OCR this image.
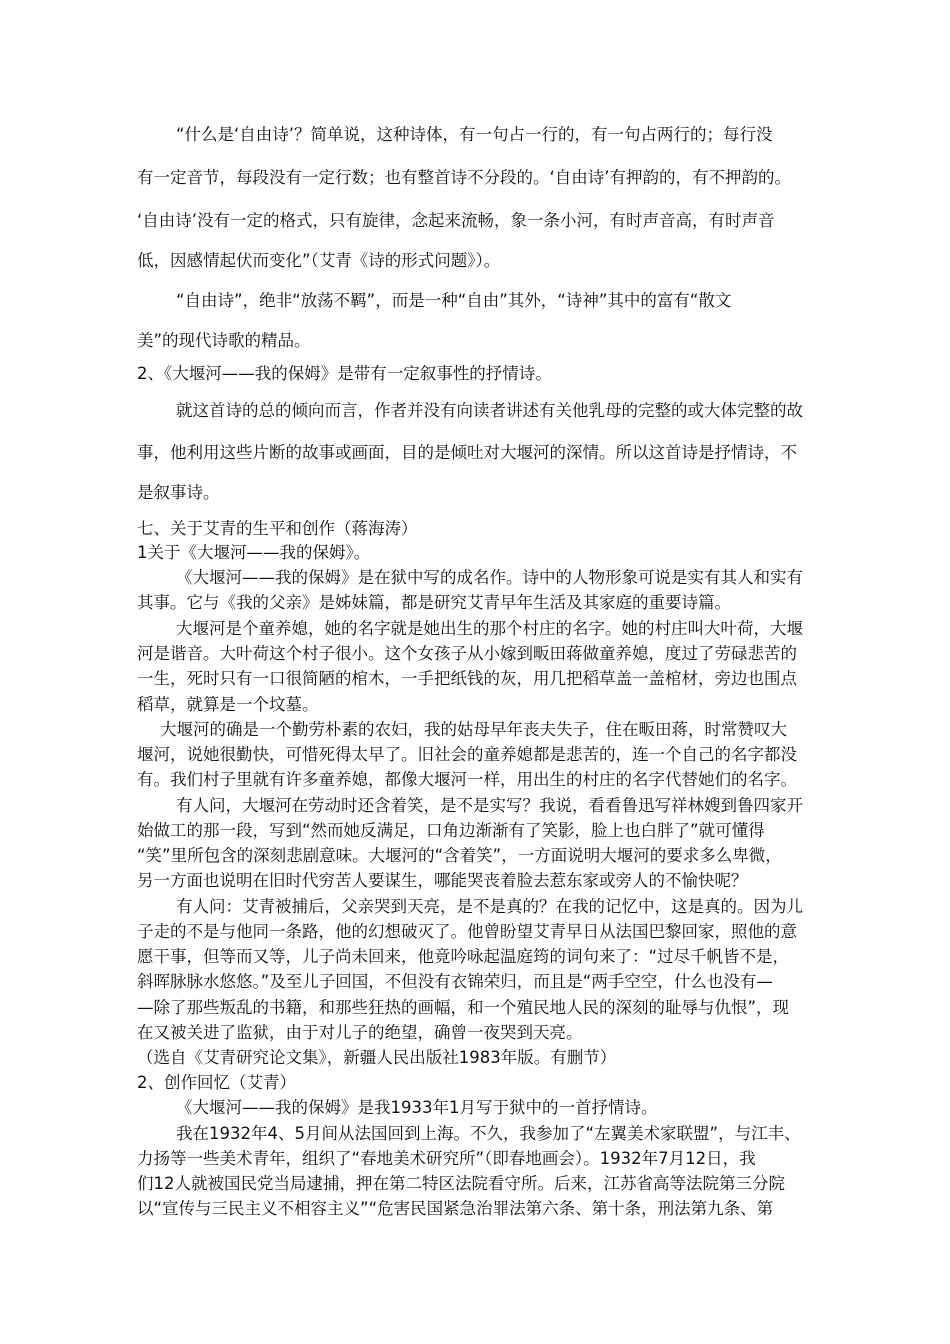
“什么是‘自由诗’？简单说，这种诗体，有一句占一行的，有一句占两行的；每行没
有一定音节，每段没有一定行数；也有整首诗不分段的。‘自由诗’有押韵的，有不押韵的。
‘自由诗’没有一定的格式，只有旋律，念起来流畅，象一条小河，有时声音高，有时声音
低，因感情起伏而变化”（艾青《诗的形式问题》）。
“自由诗”，绝非“放荡不羁”，而是一种“自由”其外，“诗神”其中的富有“散文
美”的现代诗歌的精品。
2、《大堰河——我的保姆》是带有一定叙事性的抒情诗。
就这首诗的总的倾向而言，作者并没有向读者讲述有关他乳母的完整的或大体完整的故
事，他利用这些片断的故事或画面，目的是倾吐对大堰河的深情。所以这首诗是抒情诗，不
是叙事诗。
七、关于艾青的生平和创作（蒋海涛）
1关于《大堰河——我的保姆》。
《大堰河——我的保姆》是在狱中写的成名作。诗中的人物形象可说是实有其人和实有
其事。它与《我的父亲》是姊妹篇，都是研究艾青早年生活及其家庭的重要诗篇。
大堰河是个童养媳，她的名字就是她出生的那个村庄的名字。她的村庄叫大叶荷，大堰
河是谐音。大叶荷这个村子很小。这个女孩子从小嫁到畈田蒋做童养媳，度过了劳碌悲苦的
一生，死时只有一口很简陋的棺木，一手把纸钱的灰，用几把稻草盖一盖棺材，旁边也围点
稻草，就算是一个坟墓。
大堰河的确是一个勤劳朴素的农妇，我的姑母早年丧夫失子，住在畈田蒋，时常赞叹大
堰河，说她很勤快，可惜死得太早了。旧社会的童养媳都是悲苦的，连一个自己的名字都没
有。我们村子里就有许多童养媳，都像大堰河一样，用出生的村庄的名字代替她们的名字。
有人问，大堰河在劳动时还含着笑，是不是实写？我说，看看鲁迅写祥林嫂到鲁四家开
始做工的那一段，写到“然而她反满足，口角边渐渐有了笑影，脸上也白胖了”就可懂得
“笑”里所包含的深刻悲剧意味。大堰河的“含着笑”，一方面说明大堰河的要求多么卑微，
另一方面也说明在旧时代穷苦人要谋生，哪能哭丧着脸去惹东家或旁人的不愉快呢？
有人问：艾青被捕后，父亲哭到天亮，是不是真的？在我的记忆中，这是真的。因为儿
子走的不是与他同一条路，他的幻想破灭了。他曾盼望艾青早日从法国巴黎回家，照他的意
愿干事，但等而又等，儿子尚未回来，他竟吟咏起温庭筠的词句来了：“过尽千帆皆不是，
斜晖脉脉水悠悠。”及至儿子回国，不但没有衣锦荣归，而且是“两手空空，什么也没有—
—除了那些叛乱的书籍，和那些狂热的画幅，和一个殖民地人民的深刻的耻辱与仇恨”，现
在又被关进了监狱，由于对儿子的绝望，确曾一夜哭到天亮。
（选自《艾青研究论文集》，新疆人民出版社1983年版。有删节）
2、创作回忆（艾青）
《大堰河——我的保姆》是我1933年1月写于狱中的一首抒情诗。
我在1932年4、5月间从法国回到上海。不久，我参加了“左翼美术家联盟”，与江丰、
力扬等一些美术青年，组织了“春地美术研究所”（即春地画会）。1932年7月12日，我
们12人就被国民党当局逮捕，押在第二特区法院看守所。后来，江苏省高等法院第三分院
以“宣传与三民主义不相容主义”“危害民国紧急治罪法第六条、第十条，刑法第九条、第
